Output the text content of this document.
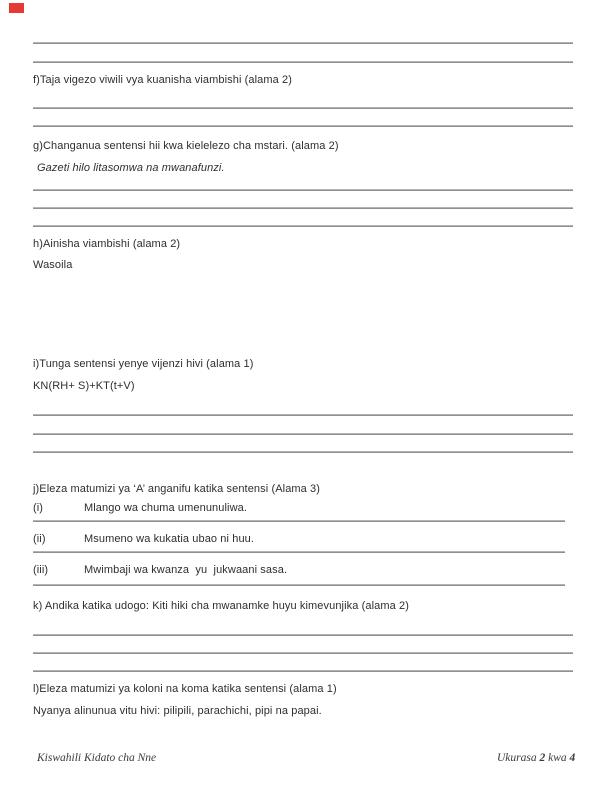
f)Taja vigezo viwili vya kuanisha viambishi (alama 2)
g)Changanua sentensi hii kwa kielelezo cha mstari. (alama 2)
Gazeti hilo litasomwa na mwanafunzi.
h)Ainisha viambishi (alama 2)
Wasoila
i)Tunga sentensi yenye vijenzi hivi (alama 1)
KN(RH+ S)+KT(t+V)
j)Eleza matumizi ya ‘A’ anganifu katika sentensi (Alama 3)
(i)	Mlango wa chuma umenunuliwa.
(ii)	Msumeno wa kukatia ubao ni huu.
(iii)	Mwimbaji wa kwanza  yu  jukwaani sasa.
k) Andika katika udogo: Kiti hiki cha mwanamke huyu kimevunjika (alama 2)
l)Eleza matumizi ya koloni na koma katika sentensi (alama 1)
Nyanya alinunua vitu hivi: pilipili, parachichi, pipi na papai.
Kiswahili Kidato cha Nne	Ukurasa 2 kwa 4
